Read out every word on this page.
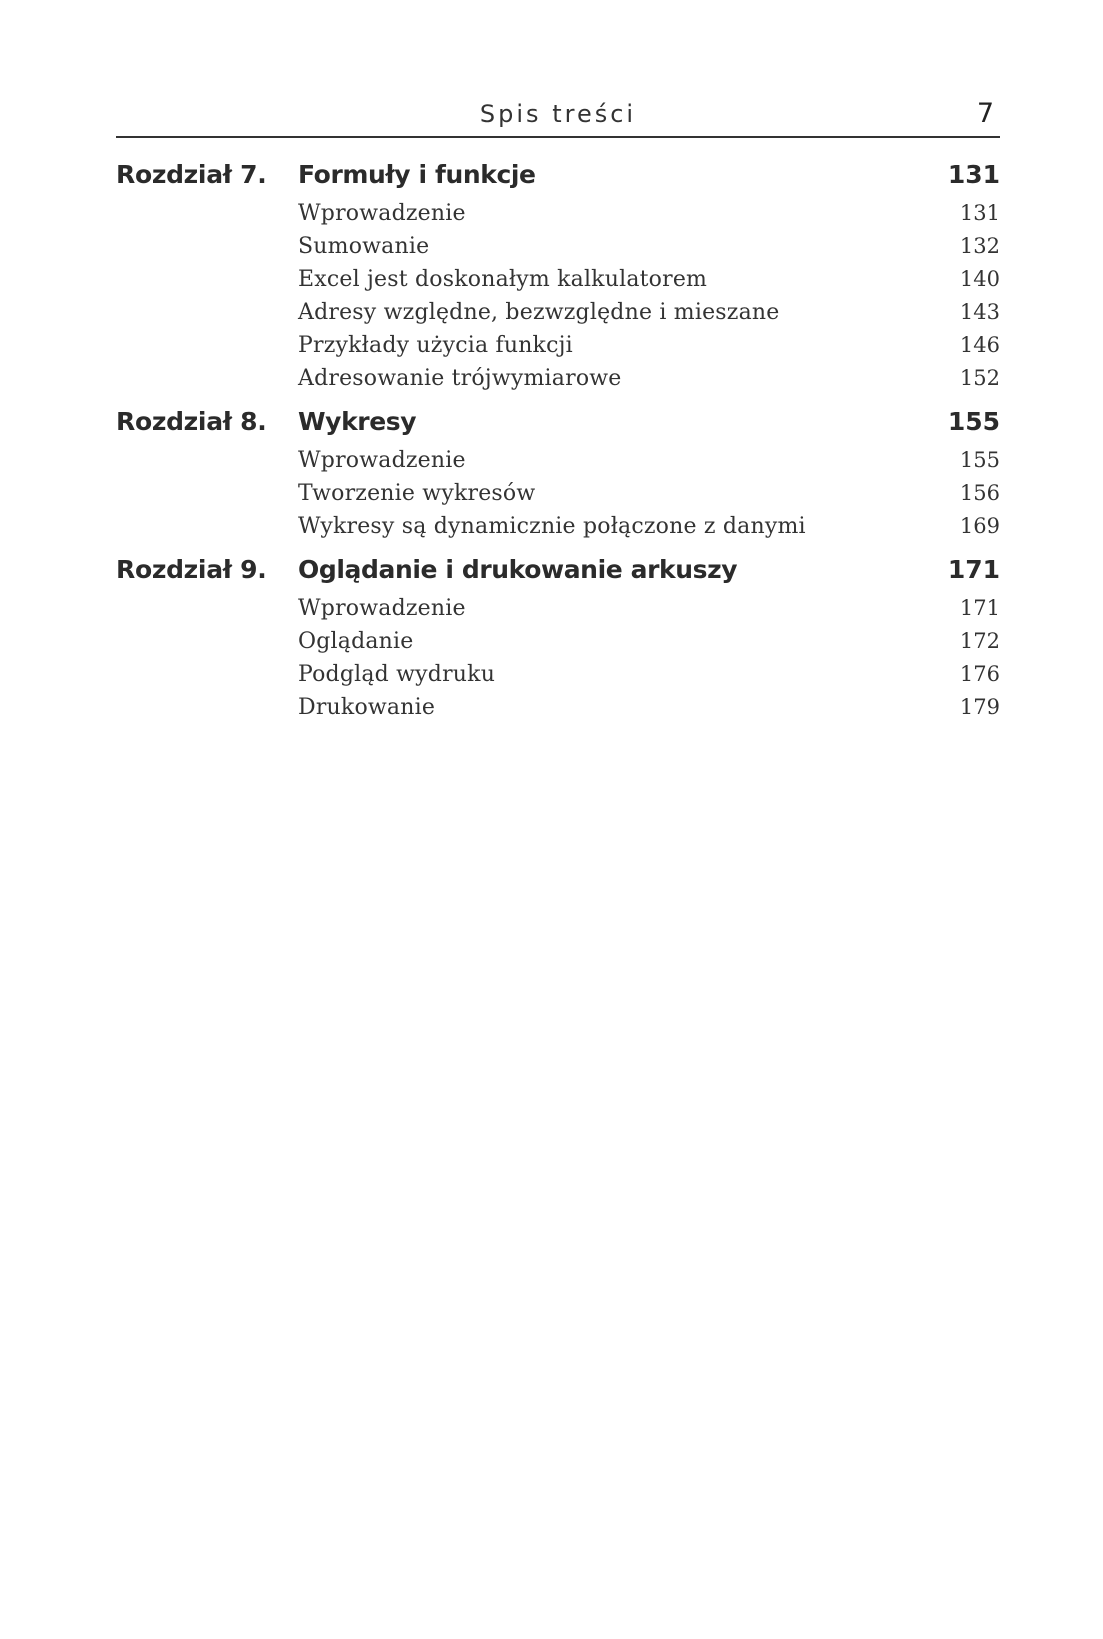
Spis treści	7
Rozdział 7.	Formuły i funkcje	131
Wprowadzenie	131
Sumowanie	132
Excel jest doskonałym kalkulatorem	140
Adresy względne, bezwzględne i mieszane	143
Przykłady użycia funkcji	146
Adresowanie trójwymiarowe	152
Rozdział 8.	Wykresy	155
Wprowadzenie	155
Tworzenie wykresów	156
Wykresy są dynamicznie połączone z danymi	169
Rozdział 9.	Oglądanie i drukowanie arkuszy	171
Wprowadzenie	171
Oglądanie	172
Podgląd wydruku	176
Drukowanie	179
